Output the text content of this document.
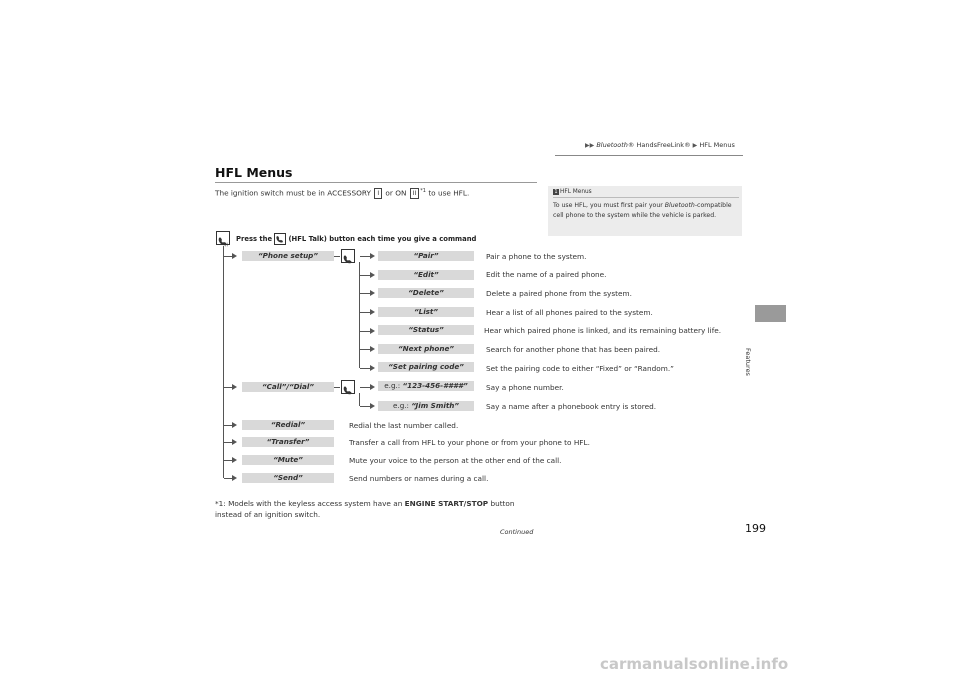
▶▶ Bluetooth® HandsFreeLink® ▶ HFL Menus
Features
HFL Menus
The ignition switch must be in ACCESSORY I or ON II $^{*1}$ to use HFL.	1 HFL Menus
To use HFL, you must first pair your Bluetooth-compatible cell phone to the system while the vehicle is parked.
))
Press the (HFL Talk) button each time you give a command
“Phone setup”
“Call”/“Dial”
“Pair”	Pair a phone to the system.
“Edit”	Edit the name of a paired phone.
“Delete”	Delete a paired phone from the system.
“List”	Hear a list of all phones paired to the system.
“Status”	Hear which paired phone is linked, and its remaining battery life.
“Next phone”	Search for another phone that has been paired.
“Set pairing code”	Set the pairing code to either “Fixed” or “Random.”
e.g.: “123-456-####”	Say a phone number.
e.g.: “Jim Smith”	Say a name after a phonebook entry is stored.
“Redial”	Redial the last number called.
“Transfer”	Transfer a call from HFL to your phone or from your phone to HFL.
“Mute”	Mute your voice to the person at the other end of the call.
“Send”	Send numbers or names during a call.
*1: Models with the keyless access system have an ENGINE START/STOP button
instead of an ignition switch.
Continued	199
carmanualsonline.info
